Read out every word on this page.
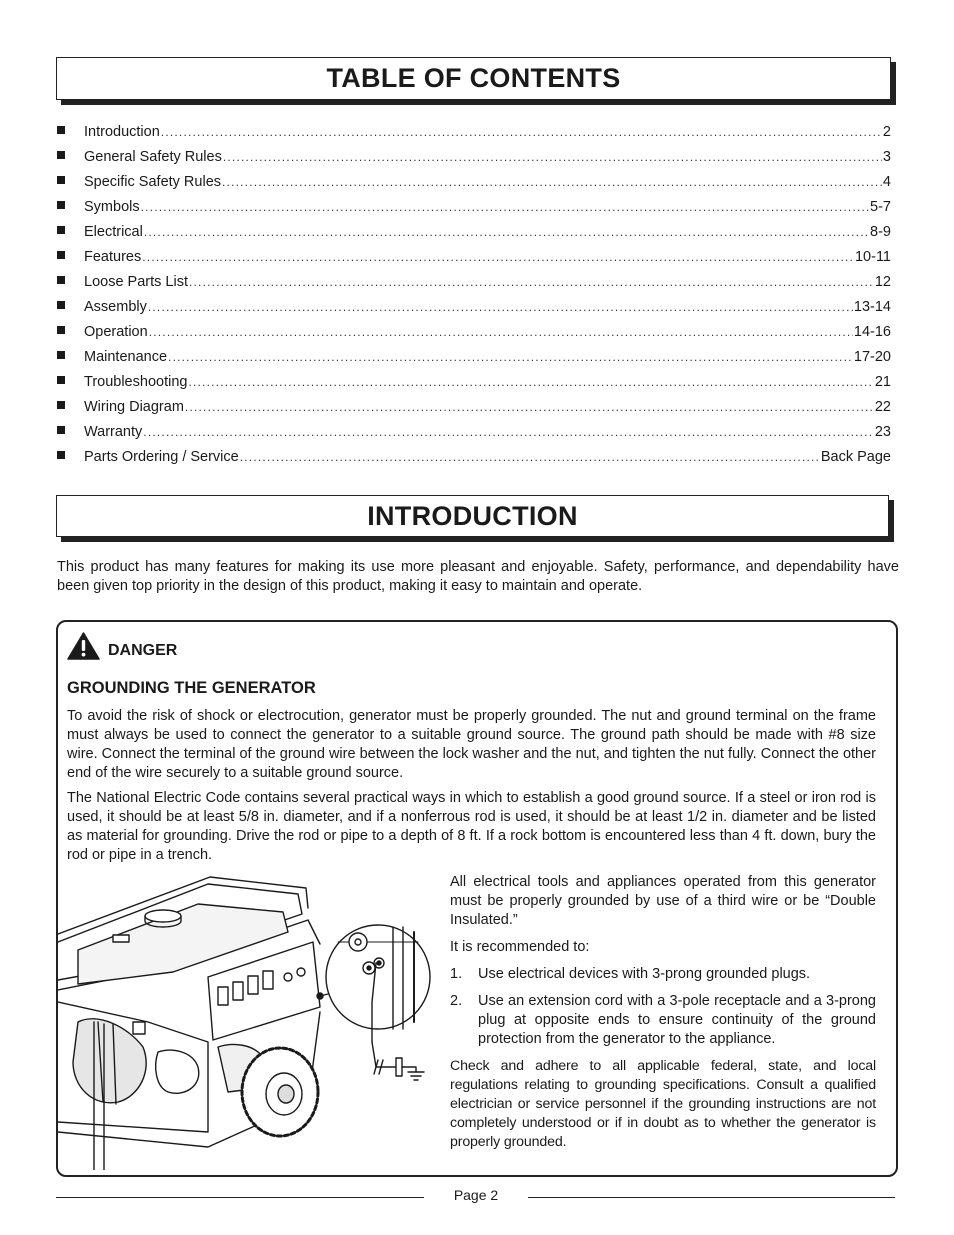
TABLE OF CONTENTS
Introduction .....	2
General Safety Rules .....	3
Specific Safety Rules .....	4
Symbols .....	5-7
Electrical .....	8-9
Features .....	10-11
Loose Parts List .....	12
Assembly .....	13-14
Operation .....	14-16
Maintenance .....	17-20
Troubleshooting .....	21
Wiring Diagram .....	22
Warranty .....	23
Parts Ordering / Service .....	Back Page
INTRODUCTION

This product has many features for making its use more pleasant and enjoyable. Safety, performance, and dependability have been given top priority in the design of this product, making it easy to maintain and operate.

DANGER
GROUNDING THE GENERATOR

To avoid the risk of shock or electrocution, generator must be properly grounded. The nut and ground terminal on the frame must always be used to connect the generator to a suitable ground source. The ground path should be made with #8 size wire. Connect the terminal of the ground wire between the lock washer and the nut, and tighten the nut fully. Connect the other end of the wire securely to a suitable ground source.

The National Electric Code contains several practical ways in which to establish a good ground source. If a steel or iron rod is used, it should be at least 5/8 in. diameter, and if a nonferrous rod is used, it should be at least 1/2 in. diameter and be listed as material for grounding. Drive the rod or pipe to a depth of 8 ft. If a rock bottom is encountered less than 4 ft. down, bury the rod or pipe in a trench.

All electrical tools and appliances operated from this generator must be properly grounded by use of a third wire or be “Double Insulated.”

It is recommended to:

1.	Use electrical devices with 3-prong grounded plugs.
2.	Use an extension cord with a 3-pole receptacle and a 3-prong plug at opposite ends to ensure continuity of the ground protection from the generator to the appliance.

Check and adhere to all applicable federal, state, and local regulations relating to grounding specifications. Consult a qualified electrician or service personnel if the grounding instructions are not completely understood or if in doubt as to whether the generator is properly grounded.

Page 2
